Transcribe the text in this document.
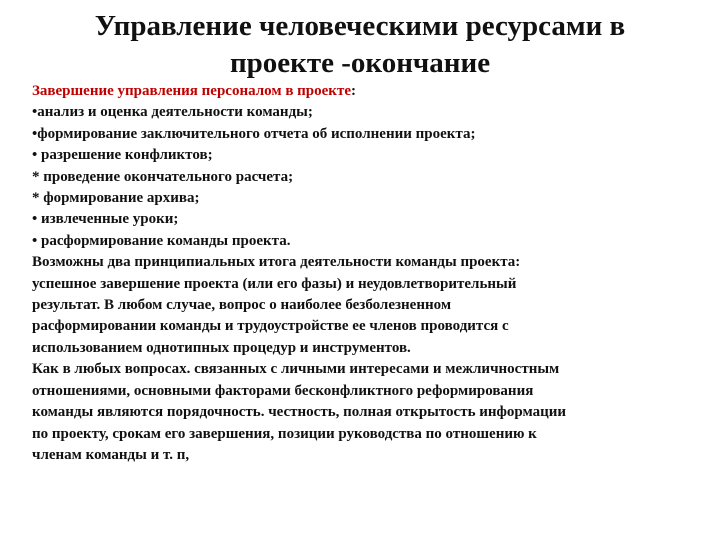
Управление человеческими ресурсами в
проекте -окончание
Завершение управления персоналом в проекте:
•анализ и оценка деятельности команды;
•формирование заключительного отчета об исполнении проекта;
• разрешение конфликтов;
* проведение окончательного расчета;
* формирование архива;
• извлеченные уроки;
• расформирование команды проекта.
Возможны два принципиальных итога деятельности команды проекта:
успешное завершение проекта (или его фазы) и неудовлетворительный
результат. В любом случае, вопрос о наиболее безболезненном
расформировании команды и трудоустройстве ее членов проводится с
использованием однотипных процедур и инструментов.
Как в любых вопросах. связанных с личными интересами и межличностным
отношениями, основными факторами бесконфликтного реформирования
команды являются порядочность. честность, полная открытость информации
по проекту, срокам его завершения, позиции руководства по отношению к
членам команды и т. п,
